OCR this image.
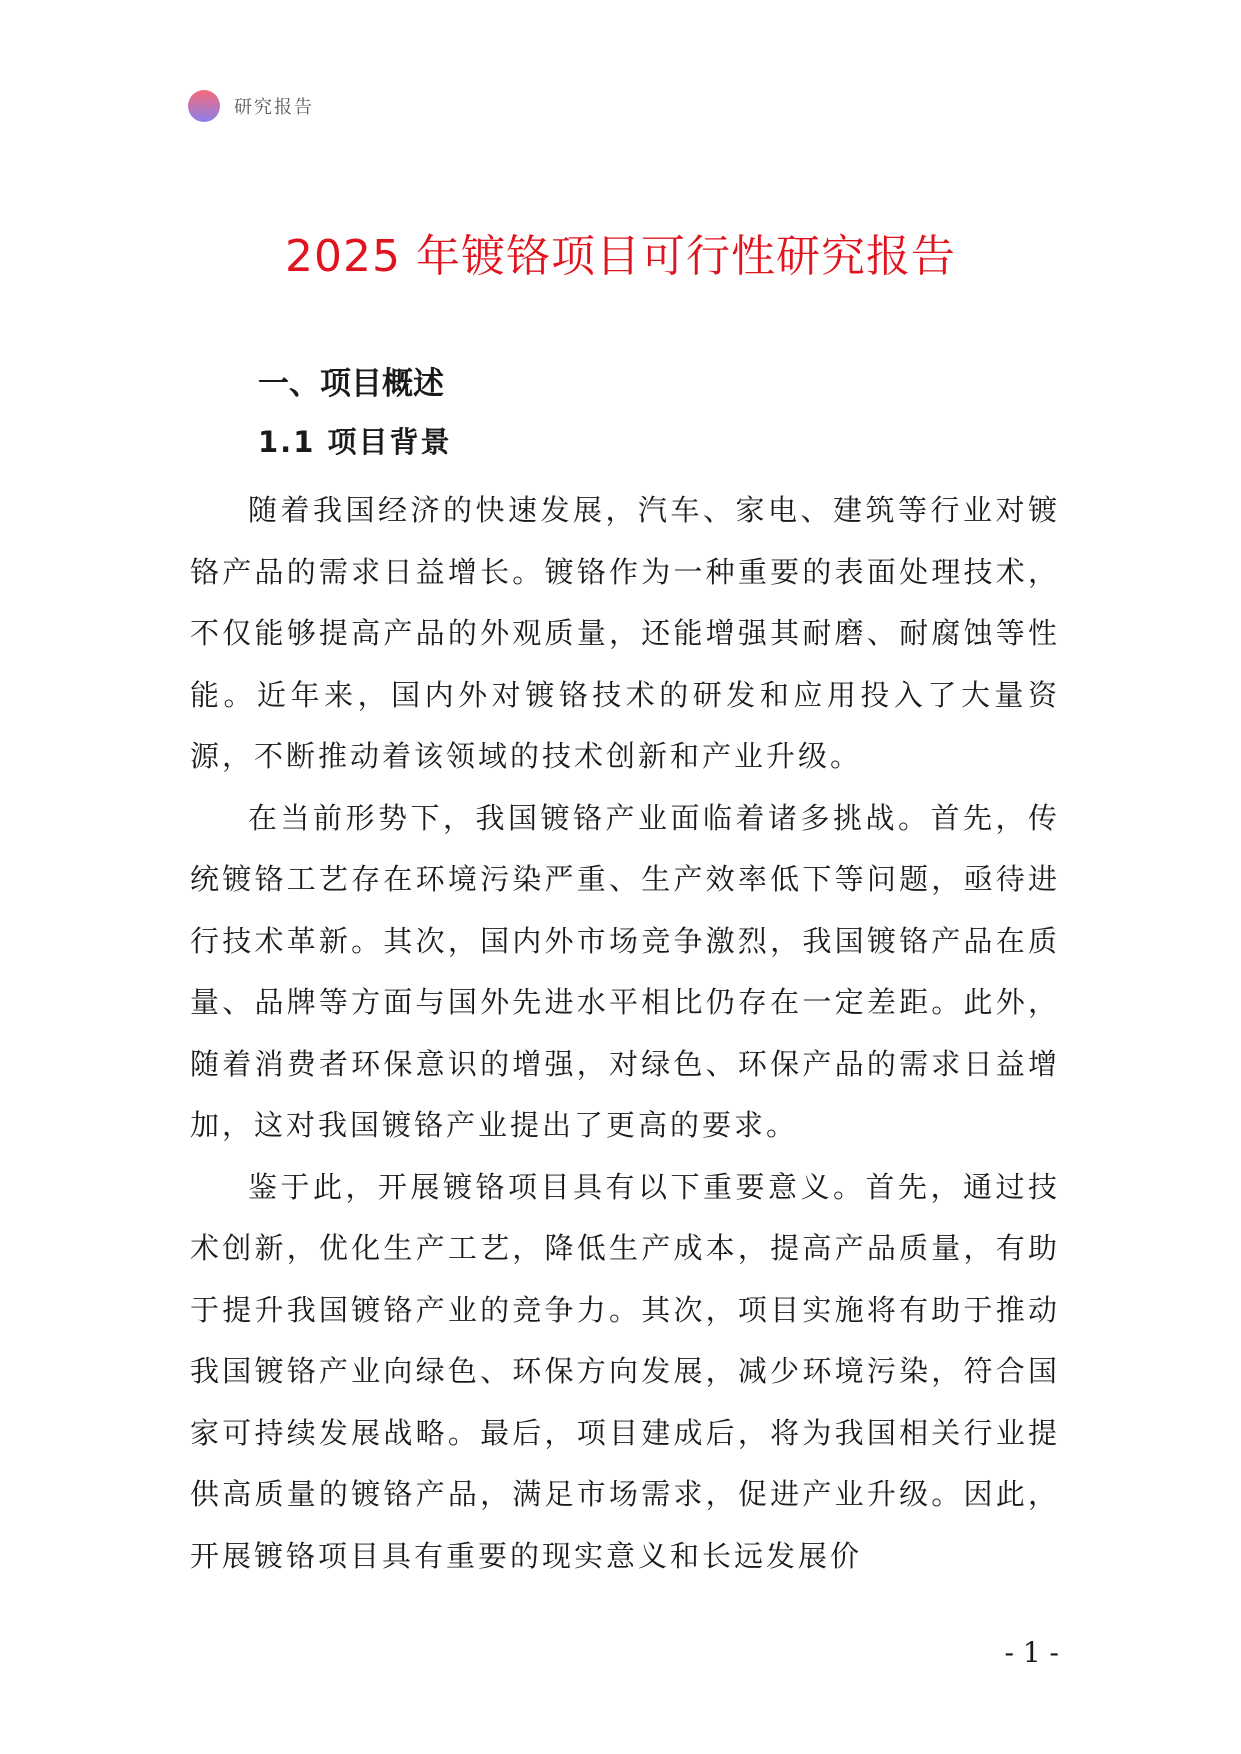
研究报告
2025 年镀铬项目可行性研究报告
一、项目概述
1.1 项目背景

随着我国经济的快速发展，汽车、家电、建筑等行业对镀铬产品的需求日益增长。镀铬作为一种重要的表面处理技术，不仅能够提高产品的外观质量，还能增强其耐磨、耐腐蚀等性能。近年来，国内外对镀铬技术的研发和应用投入了大量资源，不断推动着该领域的技术创新和产业升级。

在当前形势下，我国镀铬产业面临着诸多挑战。首先，传统镀铬工艺存在环境污染严重、生产效率低下等问题，亟待进行技术革新。其次，国内外市场竞争激烈，我国镀铬产品在质量、品牌等方面与国外先进水平相比仍存在一定差距。此外，随着消费者环保意识的增强，对绿色、环保产品的需求日益增加，这对我国镀铬产业提出了更高的要求。

鉴于此，开展镀铬项目具有以下重要意义。首先，通过技术创新，优化生产工艺，降低生产成本，提高产品质量，有助于提升我国镀铬产业的竞争力。其次，项目实施将有助于推动我国镀铬产业向绿色、环保方向发展，减少环境污染，符合国家可持续发展战略。最后，项目建成后，将为我国相关行业提供高质量的镀铬产品，满足市场需求，促进产业升级。因此，开展镀铬项目具有重要的现实意义和长远发展价

- 1 -
